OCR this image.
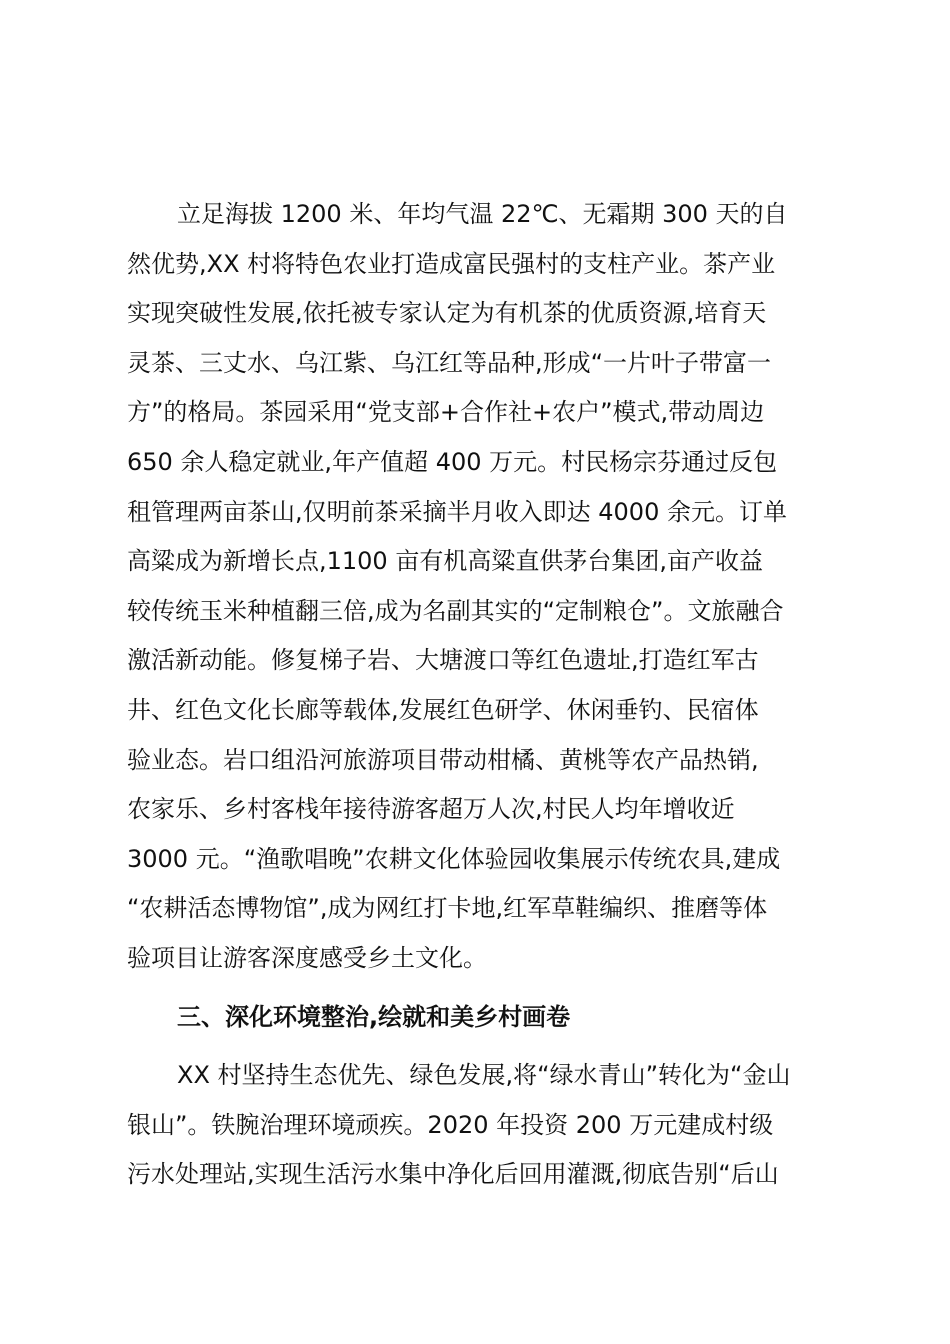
立足海拔 1200 米、年均气温 22℃、无霜期 300 天的自
然优势,XX 村将特色农业打造成富民强村的支柱产业。茶产业
实现突破性发展,依托被专家认定为有机茶的优质资源,培育天
灵茶、三丈水、乌江紫、乌江红等品种,形成“一片叶子带富一
方”的格局。茶园采用“党支部+合作社+农户”模式,带动周边
650 余人稳定就业,年产值超 400 万元。村民杨宗芬通过反包
租管理两亩茶山,仅明前茶采摘半月收入即达 4000 余元。订单
高粱成为新增长点,1100 亩有机高粱直供茅台集团,亩产收益
较传统玉米种植翻三倍,成为名副其实的“定制粮仓”。文旅融合
激活新动能。修复梯子岩、大塘渡口等红色遗址,打造红军古
井、红色文化长廊等载体,发展红色研学、休闲垂钓、民宿体
验业态。岩口组沿河旅游项目带动柑橘、黄桃等农产品热销,
农家乐、乡村客栈年接待游客超万人次,村民人均年增收近
3000 元。“渔歌唱晚”农耕文化体验园收集展示传统农具,建成
“农耕活态博物馆”,成为网红打卡地,红军草鞋编织、推磨等体
验项目让游客深度感受乡土文化。
三、深化环境整治,绘就和美乡村画卷
XX 村坚持生态优先、绿色发展,将“绿水青山”转化为“金山
银山”。铁腕治理环境顽疾。2020 年投资 200 万元建成村级
污水处理站,实现生活污水集中净化后回用灌溉,彻底告别“后山
